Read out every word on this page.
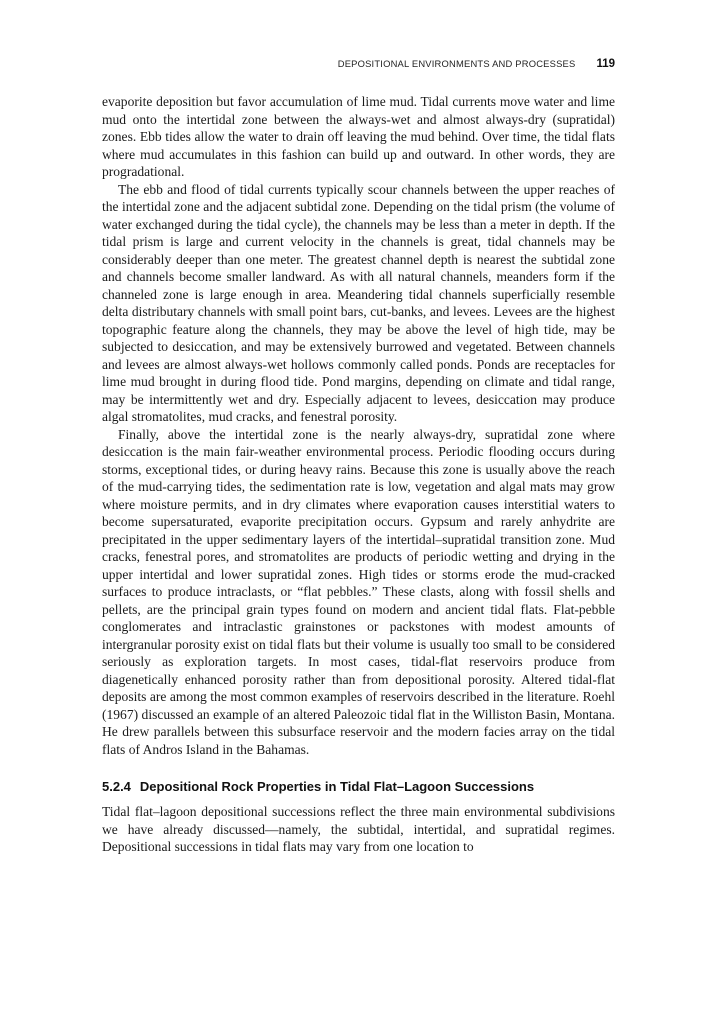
DEPOSITIONAL ENVIRONMENTS AND PROCESSES 119

evaporite deposition but favor accumulation of lime mud. Tidal currents move water and lime mud onto the intertidal zone between the always-wet and almost always-dry (supratidal) zones. Ebb tides allow the water to drain off leaving the mud behind. Over time, the tidal flats where mud accumulates in this fashion can build up and outward. In other words, they are progradational.

The ebb and flood of tidal currents typically scour channels between the upper reaches of the intertidal zone and the adjacent subtidal zone. Depending on the tidal prism (the volume of water exchanged during the tidal cycle), the channels may be less than a meter in depth. If the tidal prism is large and current velocity in the channels is great, tidal channels may be considerably deeper than one meter. The greatest channel depth is nearest the subtidal zone and channels become smaller landward. As with all natural channels, meanders form if the channeled zone is large enough in area. Meandering tidal channels superficially resemble delta distributary channels with small point bars, cut-banks, and levees. Levees are the highest topographic feature along the channels, they may be above the level of high tide, may be subjected to desiccation, and may be extensively burrowed and vegetated. Between channels and levees are almost always-wet hollows commonly called ponds. Ponds are receptacles for lime mud brought in during flood tide. Pond margins, depending on climate and tidal range, may be intermittently wet and dry. Especially adjacent to levees, desiccation may produce algal stromatolites, mud cracks, and fenestral porosity.

Finally, above the intertidal zone is the nearly always-dry, supratidal zone where desiccation is the main fair-weather environmental process. Periodic flooding occurs during storms, exceptional tides, or during heavy rains. Because this zone is usually above the reach of the mud-carrying tides, the sedimentation rate is low, vegetation and algal mats may grow where moisture permits, and in dry climates where evaporation causes interstitial waters to become supersaturated, evaporite precipitation occurs. Gypsum and rarely anhydrite are precipitated in the upper sedimentary layers of the intertidal–supratidal transition zone. Mud cracks, fenestral pores, and stromatolites are products of periodic wetting and drying in the upper intertidal and lower supratidal zones. High tides or storms erode the mud-cracked surfaces to produce intraclasts, or “flat pebbles.” These clasts, along with fossil shells and pellets, are the principal grain types found on modern and ancient tidal flats. Flat-pebble conglomerates and intraclastic grainstones or packstones with modest amounts of intergranular porosity exist on tidal flats but their volume is usually too small to be considered seriously as exploration targets. In most cases, tidal-flat reservoirs produce from diagenetically enhanced porosity rather than from depositional porosity. Altered tidal-flat deposits are among the most common examples of reservoirs described in the literature. Roehl (1967) discussed an example of an altered Paleozoic tidal flat in the Williston Basin, Montana. He drew parallels between this subsurface reservoir and the modern facies array on the tidal flats of Andros Island in the Bahamas.

5.2.4 Depositional Rock Properties in Tidal Flat–Lagoon Successions

Tidal flat–lagoon depositional successions reflect the three main environmental subdivisions we have already discussed—namely, the subtidal, intertidal, and supratidal regimes. Depositional successions in tidal flats may vary from one location to
